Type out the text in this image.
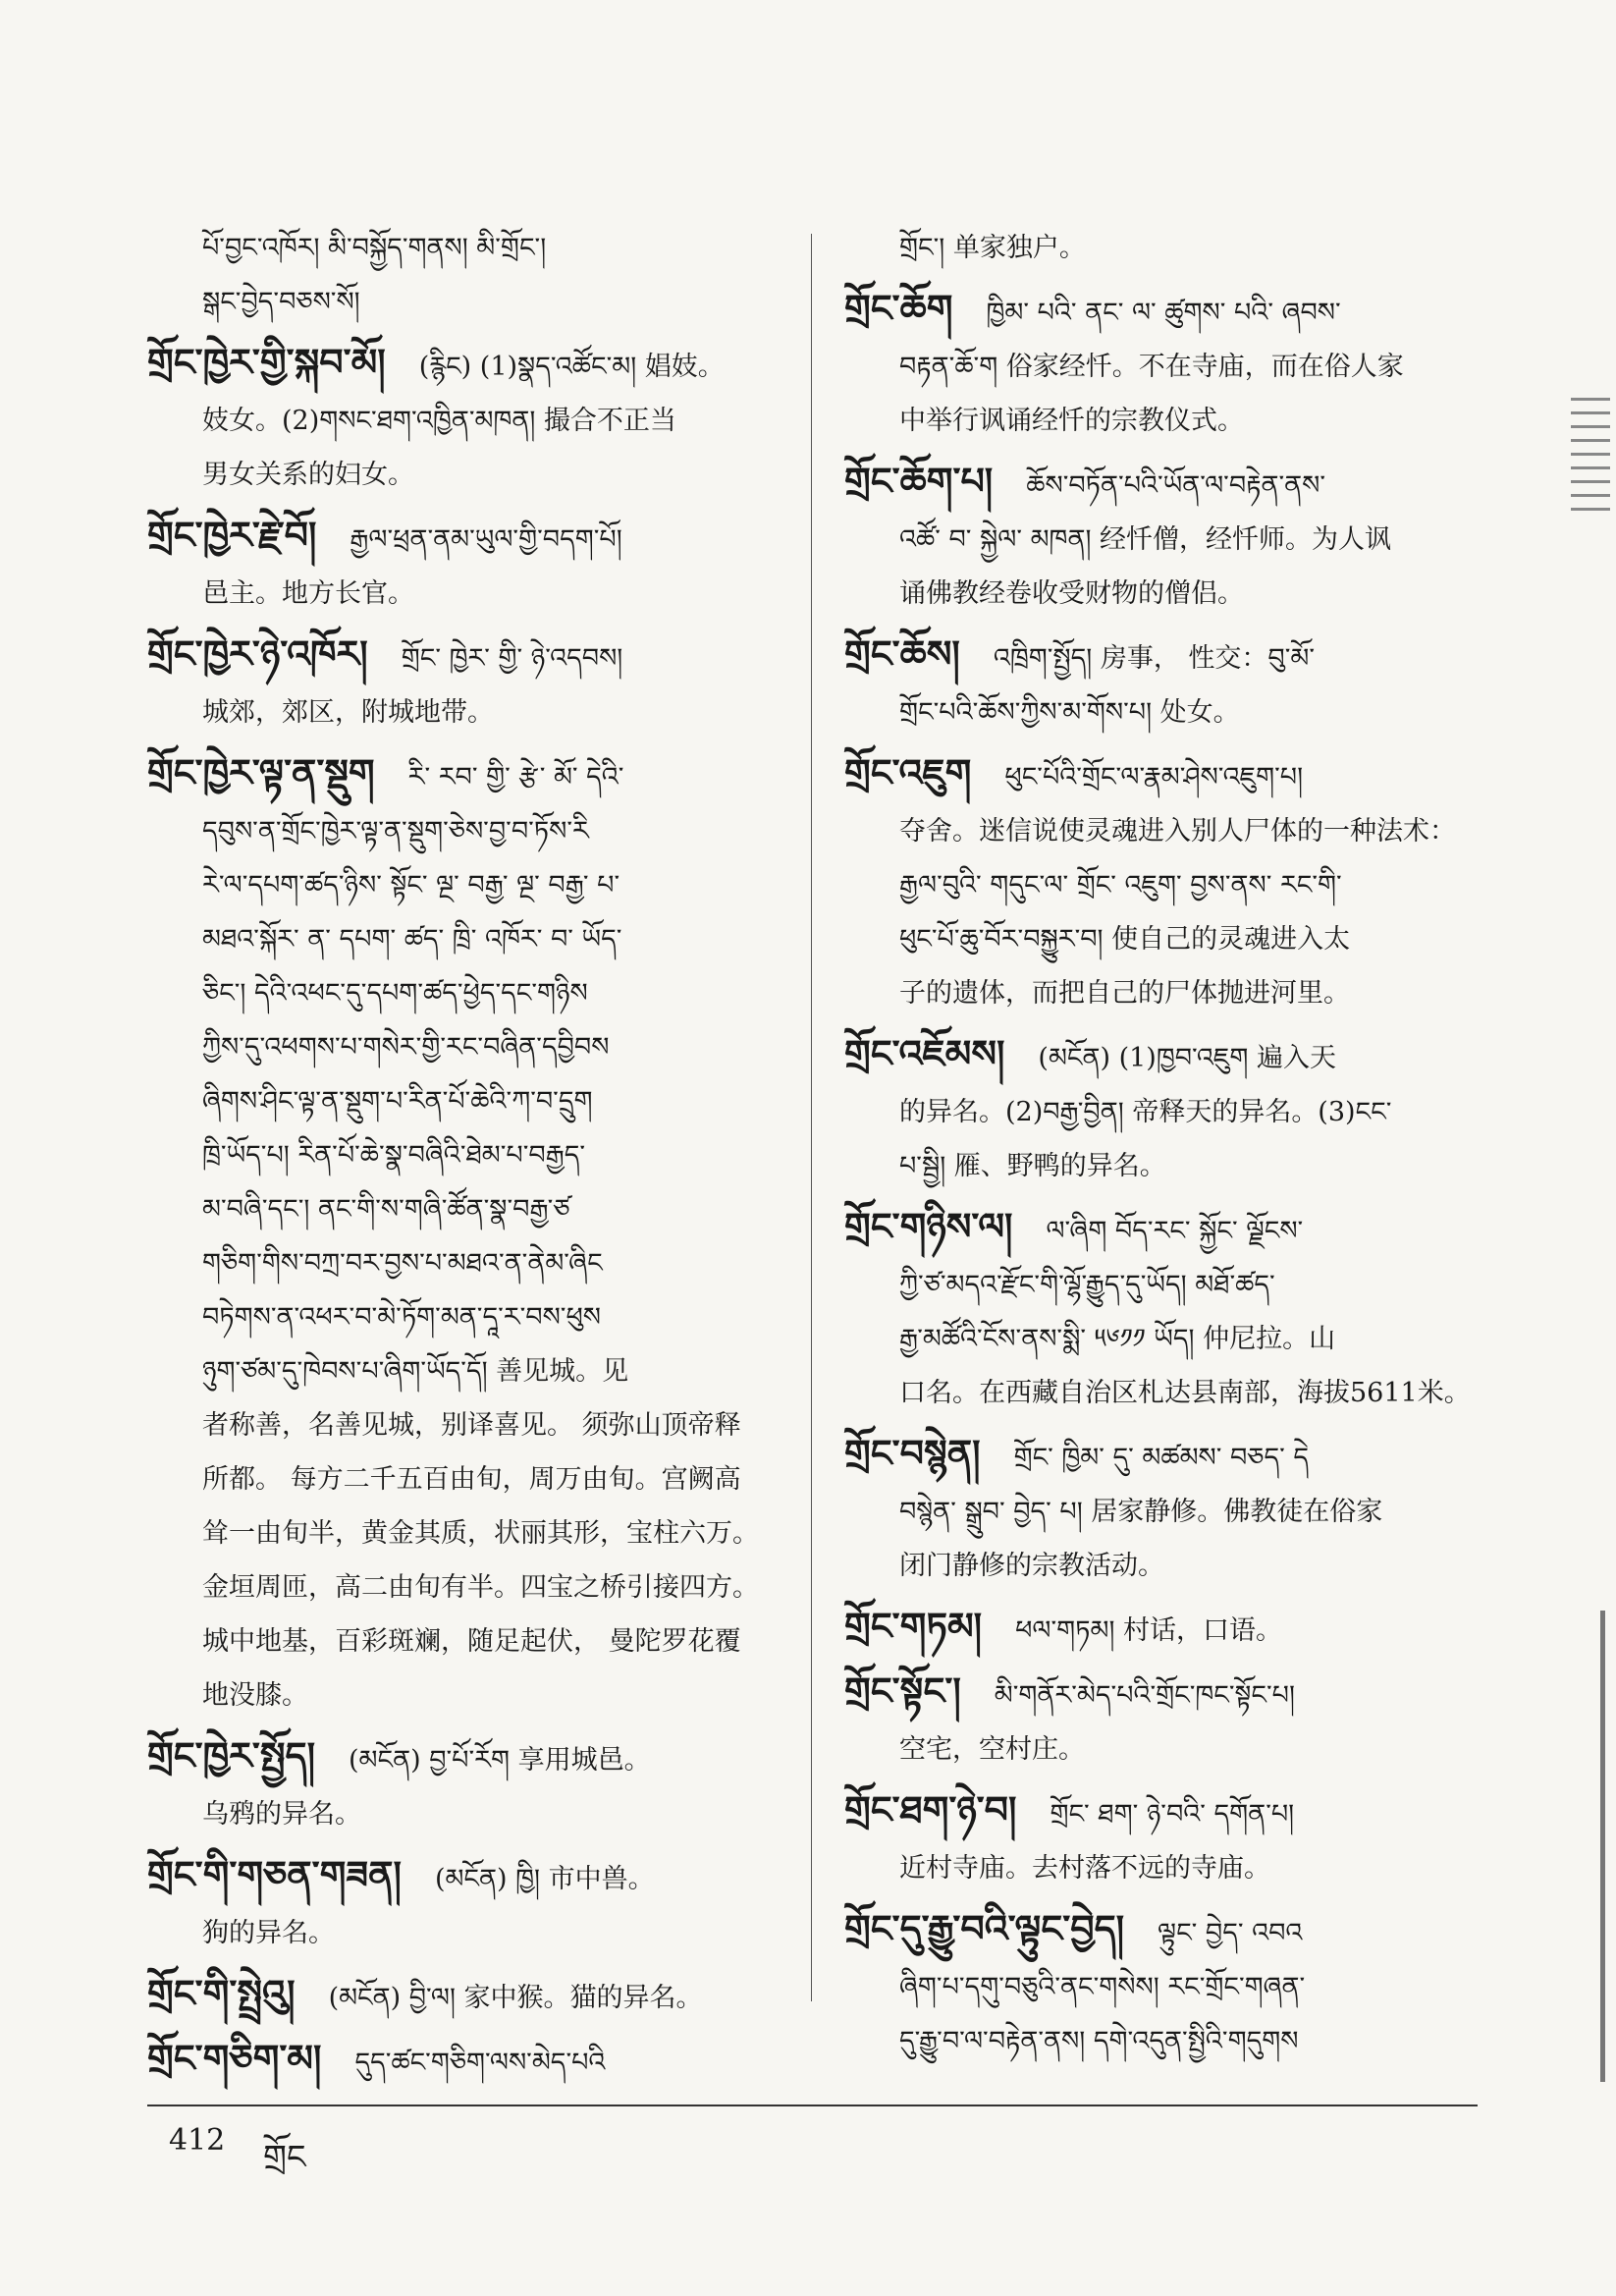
པོ་བྱང་འཁོར། མི་བསྐྱོད་གནས། མི་གྲོང་།

སྒང་བྱེད་བཅས་སོ།

གྲོང་ཁྱེར་གྱི་སྐབ་མོ། (རྙིང) (1)སྣད་འཚོང་མ། 娼妓。

妓女。(2)གསང་ཐག་འཁྱིན་མཁན། 撮合不正当

男女关系的妇女。

གྲོང་ཁྱེར་རྗེ་བོ། རྒྱལ་ཕྲན་ནམ་ཡུལ་གྱི་བདག་པོ།

邑主。地方长官。

གྲོང་ཁྱེར་ཉེ་འཁོར། གྲོང་ ཁྱེར་ གྱི་ ཉེ་འདབས།

城郊，郊区，附城地带。

གྲོང་ཁྱེར་ལྟ་ན་སྡུག རི་ རབ་ གྱི་ རྩེ་ མོ་ དེའི་

དབུས་ན་གྲོང་ཁྱེར་ལྟ་ན་སྡུག་ཅེས་བྱ་བ་ཏོས་རི

རེ་ལ་དཔག་ཚད་ཉིས་ སྟོང་ ལྔ་ བརྒྱ་ ལྔ་ བརྒྱ་ པ་

མཐའ་སྐོར་ ན་ དཔག་ ཚད་ ཁྲི་ འཁོར་ བ་ ཡོད་

ཅིང་། དེའི་འཕང་དུ་དཔག་ཚད་ཕྱེད་དང་གཉིས

ཀྱིས་དུ་འཕགས་པ་གསེར་གྱི་རང་བཞིན་དབྱིབས

ཞིགས་ཤིང་ལྟ་ན་སྡུག་པ་རིན་པོ་ཆེའི་ཀ་བ་དྲུག

ཁྲི་ཡོད་པ། རིན་པོ་ཆེ་སྣ་བཞིའི་ཐེམ་པ་བརྒྱད་

མ་བཞི་དང་། ནང་གི་ས་གཞི་ཚོན་སྣ་བརྒྱ་ཙ

གཅིག་གིས་བཀྲ་བར་བྱས་པ་མཐའ་ན་ནེམ་ཞིང

བཏེགས་ན་འཕར་བ་མེ་ཏོག་མན་དཱ་ར་བས་ཕུས

ཉུག་ཙམ་དུ་ཁེབས་པ་ཞིག་ཡོད་དོ། 善见城。见

者称善，名善见城，别译喜见。 须弥山顶帝释

所都。 每方二千五百由旬，周万由旬。宫阙高

耸一由旬半，黄金其质，状丽其形，宝柱六万。

金垣周匝，高二由旬有半。四宝之桥引接四方。

城中地基，百彩斑斓，随足起伏， 曼陀罗花覆

地没膝。

གྲོང་ཁྱེར་སྤྱོད། (མངོན) བྱ་པོ་རོག 享用城邑。

乌鸦的异名。

གྲོང་གི་གཅན་གཟན། (མངོན) ཁྱི། 市中兽。

狗的异名。

གྲོང་གི་སྤྲེའུ། (མངོན) བྱི་ལ། 家中猴。猫的异名。

གྲོང་གཅིག་མ། དུད་ཚང་གཅིག་ལས་མེད་པའི

གྲོང་། 单家独户。

གྲོང་ཆོག ཁྱིམ་ པའི་ ནང་ ལ་ ཚུགས་ པའི་ ཞབས་

བརྟན་ཆོ་ག 俗家经忏。不在寺庙，而在俗人家

中举行讽诵经忏的宗教仪式。

གྲོང་ཆོག་པ། ཆོས་བཏོན་པའི་ཡོན་ལ་བརྟེན་ནས་

འཚོ་ བ་ སྐྱེལ་ མཁན། 经忏僧，经忏师。为人讽

诵佛教经卷收受财物的僧侣。

གྲོང་ཆོས། འཁྲིག་སྤྱོད། 房事， 性交：བུ་མོ་

གྲོང་པའི་ཆོས་ཀྱིས་མ་གོས་པ། 处女。

གྲོང་འཇུག ཕུང་པོའི་གྲོང་ལ་རྣམ་ཤེས་འཇུག་པ།

夺舍。迷信说使灵魂进入别人尸体的一种法术：

རྒྱལ་བུའི་ གདུང་ལ་ གྲོང་ འཇུག་ བྱས་ནས་ རང་གི་

ཕུང་པོ་ཆུ་བོར་བསྐྱུར་བ། 使自己的灵魂进入太

子的遗体，而把自己的尸体抛进河里。

གྲོང་འཇོམས། (མངོན) (1)ཁྱབ་འཇུག 遍入天

的异名。(2)བརྒྱ་བྱིན། 帝释天的异名。(3)ངང་

པ་སྦྱི། 雁、野鸭的异名。

གྲོང་གཉིས་ལ། ལ་ཞིག བོད་རང་ སྐྱོང་ ལྗོངས་

ཀྱི་ཙ་མདའ་རྫོང་གི་ལྷོ་རྒྱུད་དུ་ཡོད། མཐོ་ཚད་

རྒྱ་མཚོའི་ངོས་ནས་སྨི་ ༥༦༡༡ ཡོད། 仲尼拉。山

口名。在西藏自治区札达县南部，海拔5611米。

གྲོང་བསྙེན། གྲོང་ ཁྱིམ་ དུ་ མཚམས་ བཅད་ དེ

བསྙེན་ སྒྲུབ་ བྱེད་ པ། 居家静修。佛教徒在俗家

闭门静修的宗教活动。

གྲོང་གཏམ། ཕལ་གཏམ། 村话，口语。

གྲོང་སྟོང་། མི་གནོར་མེད་པའི་གྲོང་ཁང་སྟོང་པ།

空宅，空村庄。

གྲོང་ཐག་ཉེ་བ། གྲོང་ ཐག་ ཉེ་བའི་ དགོན་པ།

近村寺庙。去村落不远的寺庙。

གྲོང་དུ་རྒྱུ་བའི་ལྟུང་བྱེད། ལྟུང་ བྱེད་ འབའ

ཞིག་པ་དགུ་བཅུའི་ནང་གསེས། རང་གྲོང་གཞན་

དུ་རྒྱུ་བ་ལ་བརྟེན་ནས། དགེ་འདུན་སྤྱིའི་གདུགས

412 གྲོང
